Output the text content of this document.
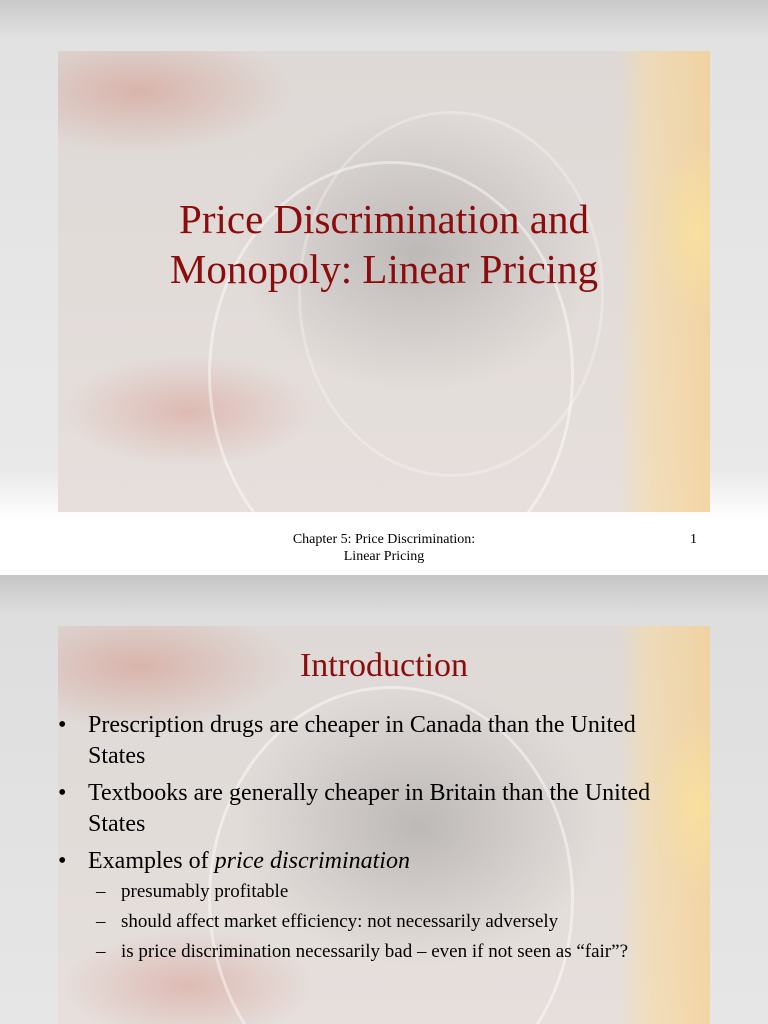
Price Discrimination and
Monopoly: Linear Pricing
Chapter 5: Price Discrimination:
Linear Pricing
1
Introduction
• Prescription drugs are cheaper in Canada than the United
States
• Textbooks are generally cheaper in Britain than the United
States
• Examples of price discrimination
– presumably profitable
– should affect market efficiency: not necessarily adversely
– is price discrimination necessarily bad – even if not seen as “fair”?
